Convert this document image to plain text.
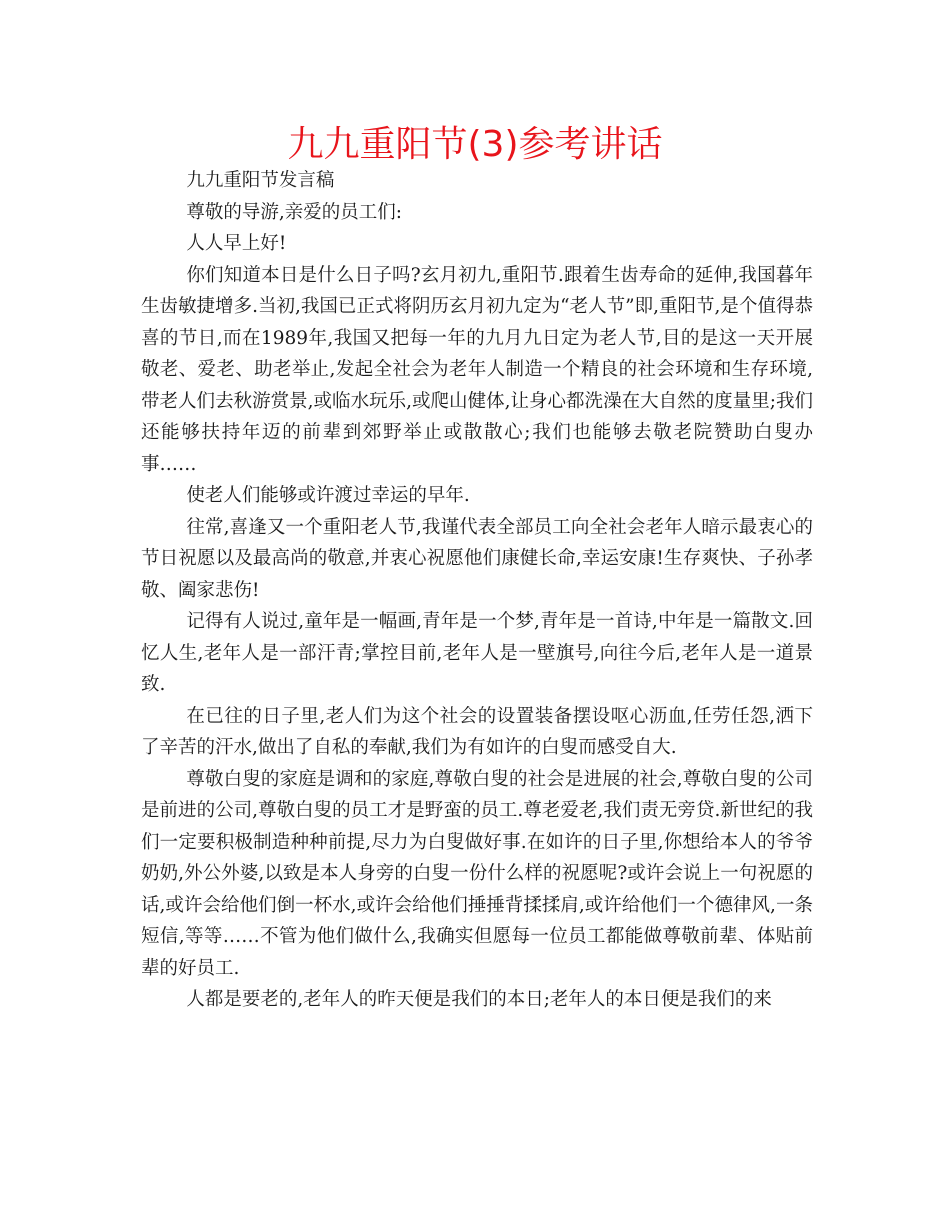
九九重阳节(3)参考讲话

九九重阳节发言稿

尊敬的导游,亲爱的员工们:

人人早上好!

你们知道本日是什么日子吗?玄月初九,重阳节.跟着生齿寿命的延伸,我国暮年生齿敏捷增多.当初,我国已正式将阴历玄月初九定为“老人节”即,重阳节,是个值得恭喜的节日,而在1989年,我国又把每一年的九月九日定为老人节,目的是这一天开展敬老、爱老、助老举止,发起全社会为老年人制造一个精良的社会环境和生存环境,带老人们去秋游赏景,或临水玩乐,或爬山健体,让身心都洗澡在大自然的度量里;我们还能够扶持年迈的前辈到郊野举止或散散心;我们也能够去敬老院赞助白叟办事……

使老人们能够或许渡过幸运的早年.

往常,喜逢又一个重阳老人节,我谨代表全部员工向全社会老年人暗示最衷心的节日祝愿以及最高尚的敬意,并衷心祝愿他们康健长命,幸运安康!生存爽快、子孙孝敬、阖家悲伤!

记得有人说过,童年是一幅画,青年是一个梦,青年是一首诗,中年是一篇散文.回忆人生,老年人是一部汗青;掌控目前,老年人是一壁旗号,向往今后,老年人是一道景致.

在已往的日子里,老人们为这个社会的设置装备摆设呕心沥血,任劳任怨,洒下了辛苦的汗水,做出了自私的奉献,我们为有如许的白叟而感受自大.

尊敬白叟的家庭是调和的家庭,尊敬白叟的社会是进展的社会,尊敬白叟的公司是前进的公司,尊敬白叟的员工才是野蛮的员工.尊老爱老,我们责无旁贷.新世纪的我们一定要积极制造种种前提,尽力为白叟做好事.在如许的日子里,你想给本人的爷爷奶奶,外公外婆,以致是本人身旁的白叟一份什么样的祝愿呢?或许会说上一句祝愿的话,或许会给他们倒一杯水,或许会给他们捶捶背揉揉肩,或许给他们一个德律风,一条短信,等等……不管为他们做什么,我确实但愿每一位员工都能做尊敬前辈、体贴前辈的好员工.

人都是要老的,老年人的昨天便是我们的本日;老年人的本日便是我们的来
